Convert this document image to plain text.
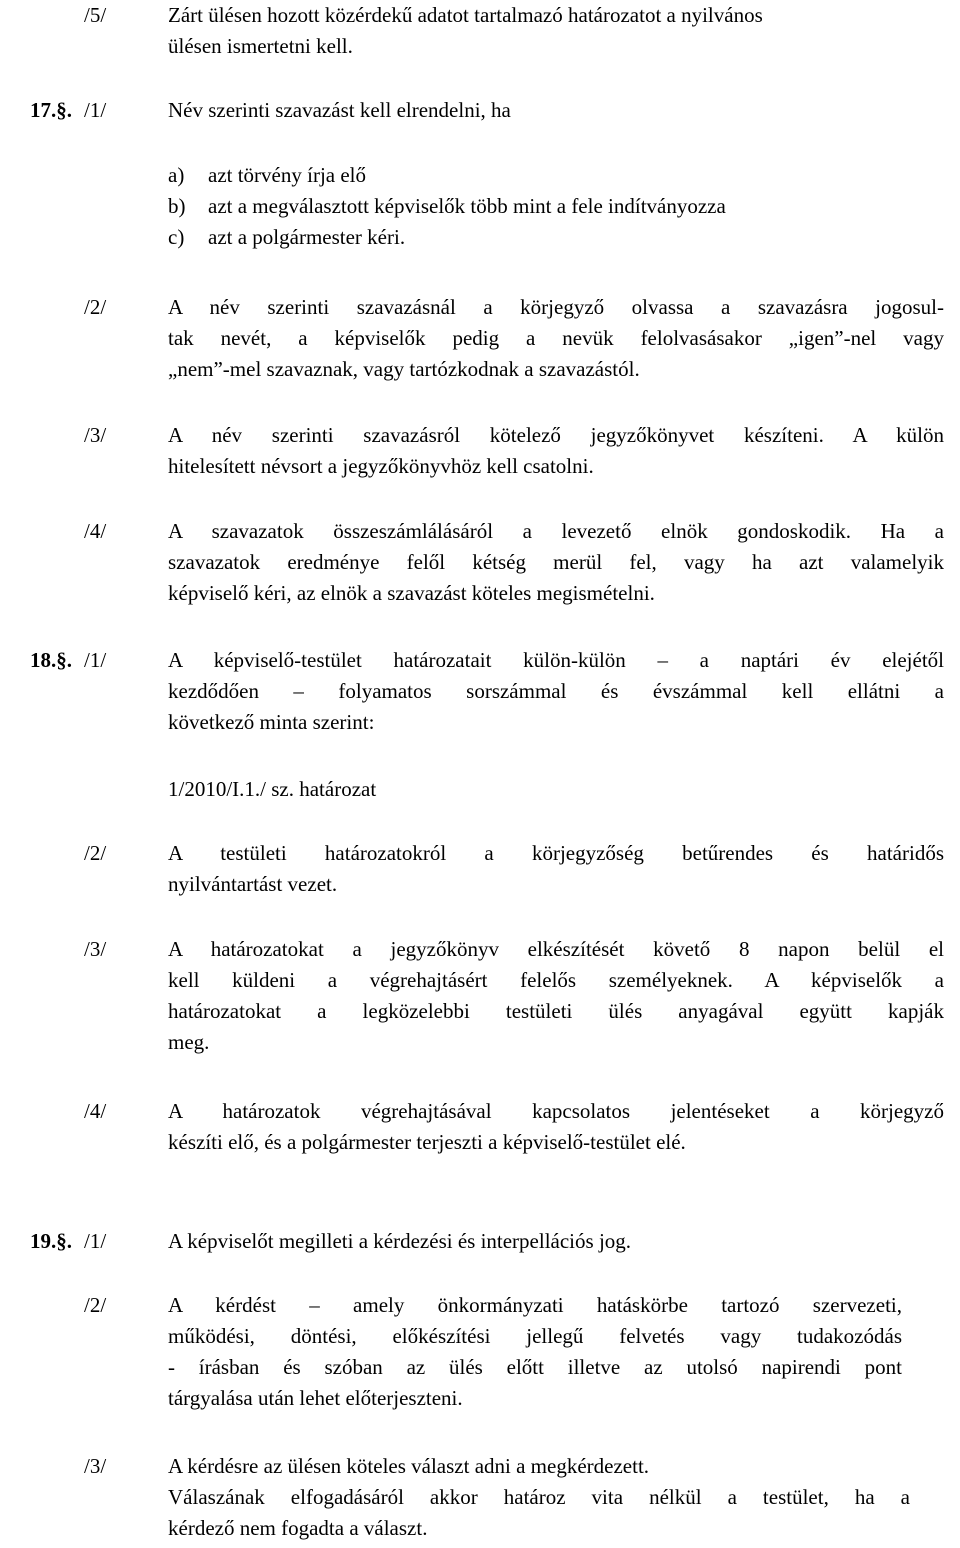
/5/	Zárt ülésen hozott közérdekű adatot tartalmazó határozatot a nyilvános
ülésen ismertetni kell.
17.§. /1/	Név szerinti szavazást kell elrendelni, ha
a) azt törvény írja elő
b) azt a megválasztott képviselők több mint a fele indítványozza
c) azt a polgármester kéri.
/2/	A név szerinti szavazásnál a körjegyző olvassa a szavazásra jogosul-
tak nevét, a képviselők pedig a nevük felolvasásakor „igen”-nel vagy
„nem”-mel szavaznak, vagy tartózkodnak a szavazástól.
/3/	A név szerinti szavazásról kötelező jegyzőkönyvet készíteni. A külön
hitelesített névsort a jegyzőkönyvhöz kell csatolni.
/4/	A szavazatok összeszámlálásáról a levezető elnök gondoskodik. Ha a
szavazatok eredménye felől kétség merül fel, vagy ha azt valamelyik
képviselő kéri, az elnök a szavazást köteles megismételni.
18.§. /1/	A képviselő-testület határozatait külön-külön – a naptári év elejétől
kezdődően – folyamatos sorszámmal és évszámmal kell ellátni a
következő minta szerint:
1/2010/I.1./ sz. határozat
/2/	A testületi határozatokról a körjegyzőség betűrendes és határidős
nyilvántartást vezet.
/3/	A határozatokat a jegyzőkönyv elkészítését követő 8 napon belül el
kell küldeni a végrehajtásért felelős személyeknek. A képviselők a
határozatokat a legközelebbi testületi ülés anyagával együtt kapják
meg.
/4/	A határozatok végrehajtásával kapcsolatos jelentéseket a körjegyző
készíti elő, és a polgármester terjeszti a képviselő-testület elé.
19.§. /1/	A képviselőt megilleti a kérdezési és interpellációs jog.
/2/	A kérdést – amely önkormányzati hatáskörbe tartozó szervezeti,
működési, döntési, előkészítési jellegű felvetés vagy tudakozódás
- írásban és szóban az ülés előtt illetve az utolsó napirendi pont
tárgyalása után lehet előterjeszteni.
/3/	A kérdésre az ülésen köteles választ adni a megkérdezett.
Válaszának elfogadásáról akkor határoz vita nélkül a testület, ha a
kérdező nem fogadta a választ.
